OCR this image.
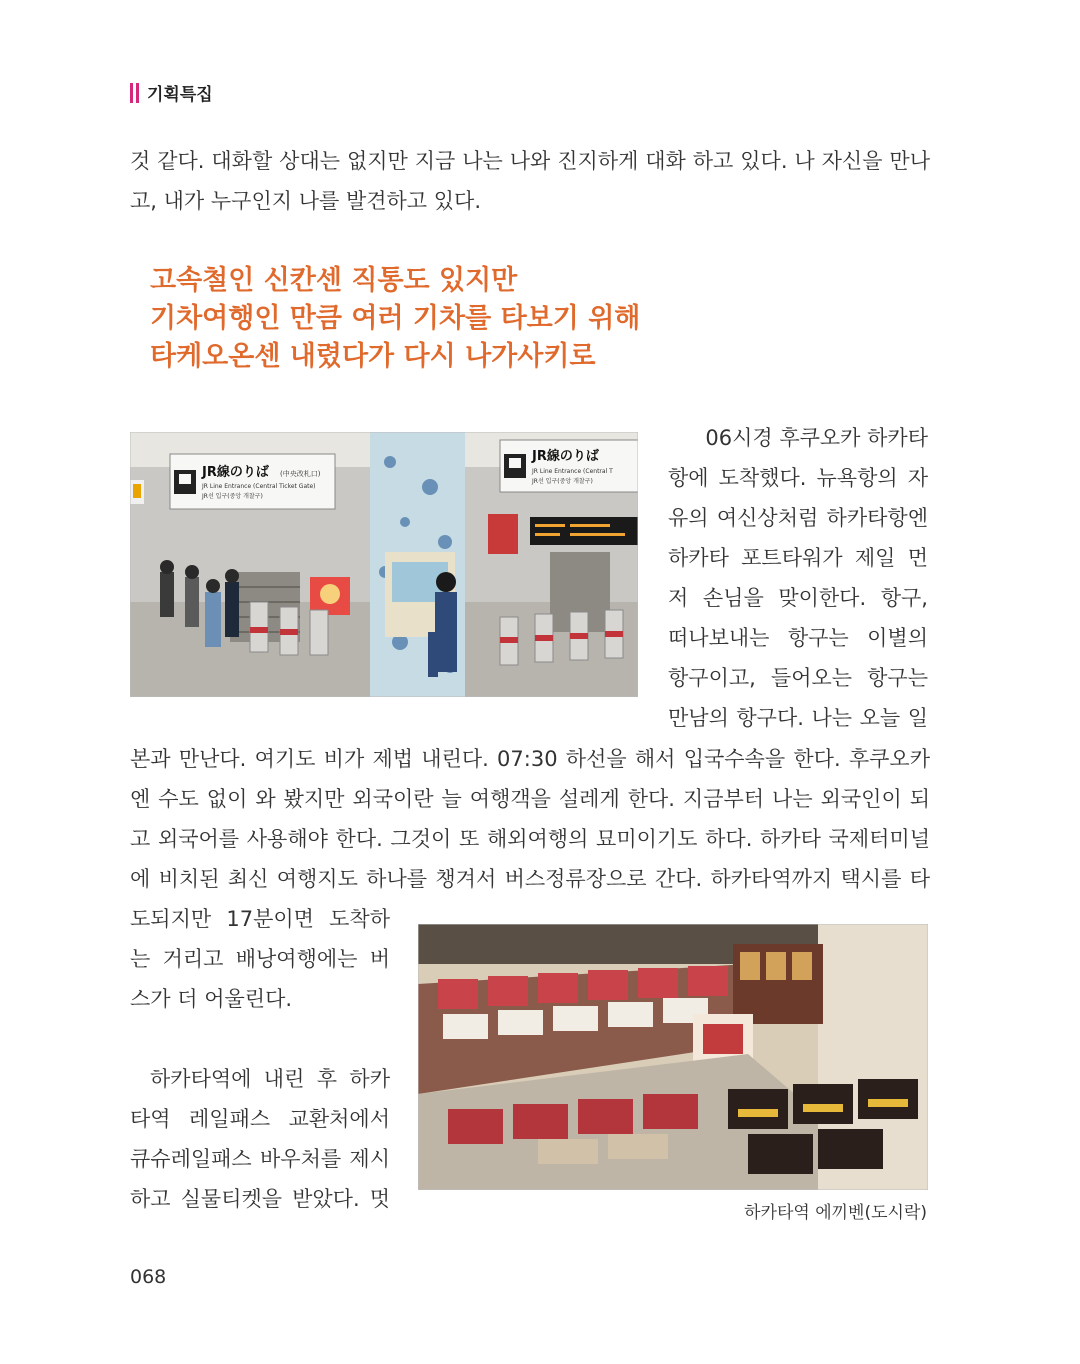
기획특집

것 같다. 대화할 상대는 없지만 지금 나는 나와 진지하게 대화 하고 있다. 나 자신을 만나
고, 내가 누구인지 나를 발견하고 있다.

고속철인 신칸센 직통도 있지만
기차여행인 만큼 여러 기차를 타보기 위해
타케오온센 내렸다가 다시 나가사키로
JR線のりば (中央改札口)
JR Line Entrance (Central Ticket Gate)
JR선 입구(중앙 개찰구)
JR線のりば
JR Line Entrance (Central T
JR선 입구(중앙 개찰구)

06시경 후쿠오카 하카타
항에 도착했다. 뉴욕항의 자
유의 여신상처럼 하카타항엔
하카타 포트타워가 제일 먼
저 손님을 맞이한다. 항구,
떠나보내는 항구는 이별의
항구이고, 들어오는 항구는
만남의 항구다. 나는 오늘 일

본과 만난다. 여기도 비가 제법 내린다. 07:30 하선을 해서 입국수속을 한다. 후쿠오카
엔 수도 없이 와 봤지만 외국이란 늘 여행객을 설레게 한다. 지금부터 나는 외국인이 되
고 외국어를 사용해야 한다. 그것이 또 해외여행의 묘미이기도 하다. 하카타 국제터미널
에 비치된 최신 여행지도 하나를 챙겨서 버스정류장으로 간다. 하카타역까지 택시를 타

도되지만 17분이면 도착하
는 거리고 배낭여행에는 버
스가 더 어울린다.

하카타역에 내린 후 하카
타역 레일패스 교환처에서
큐슈레일패스 바우처를 제시
하고 실물티켓을 받았다. 멋

하카타역 에끼벤(도시락)
068
